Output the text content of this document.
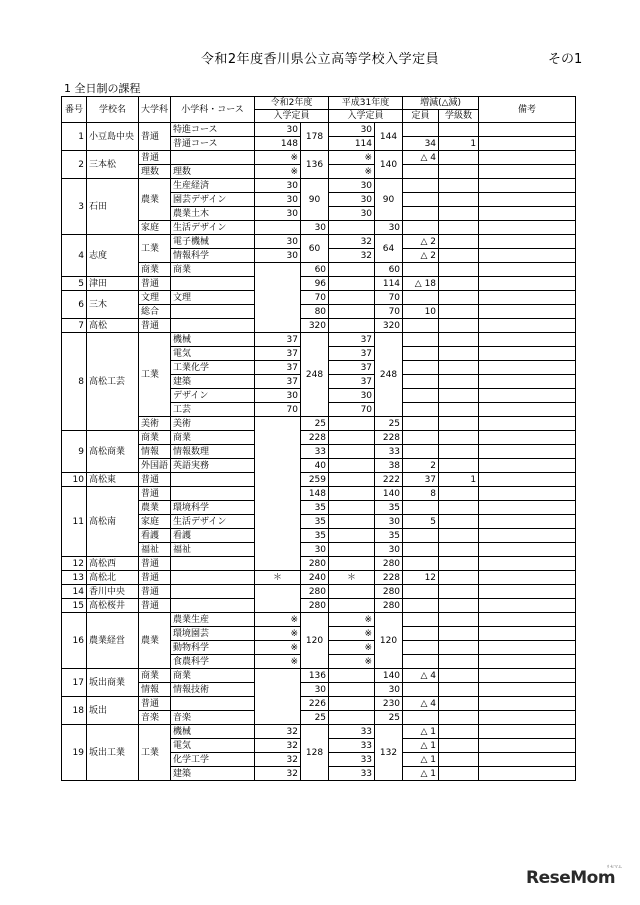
令和2年度香川県公立高等学校入学定員	その1
1 全日制の課程
番号	学校名	大学科	小学科・コース	令和2年度		平成31年度		増減(△減)		備考
				入学定員		入学定員		定員	学級数	
1	小豆島中央	普通	特進コース	30	178	30	144			
			普通コース	148		114		34	1	
2	三本松	普通		※	136	※	140	△ 4		
		理数	理数	※		※				
3	石田	農業	生産経済	30	90	30	90			
			園芸デザイン	30		30				
			農業土木	30		30				
		家庭	生活デザイン		30		30			
4	志度	工業	電子機械	30	60	32	64	△ 2		
			情報科学	30		32		△ 2		
		商業	商業		60		60			
5	津田	普通			96		114	△ 18		
6	三木	文理	文理		70		70			
		総合			80		70	10		
7	高松	普通			320		320			
8	高松工芸	工業	機械	37	248	37	248			
			電気	37		37				
			工業化学	37		37				
			建築	37		37				
			デザイン	30		30				
			工芸	70		70				
		美術	美術		25		25			
9	高松商業	商業	商業		228		228			
		情報	情報数理		33		33			
		外国語	英語実務		40		38	2		
10	高松東	普通			259		222	37	1	
11	高松南	普通			148		140	8		
		農業	環境科学		35		35			
		家庭	生活デザイン		35		30	5		
		看護	看護		35		35			
		福祉	福祉		30		30			
12	高松西	普通			280		280			
13	高松北	普通		＊	240	＊	228	12		
14	香川中央	普通			280		280			
15	高松桜井	普通			280		280			
16	農業経営	農業	農業生産	※	120	※	120			
			環境園芸	※		※				
			動物科学	※		※				
			食農科学	※		※				
17	坂出商業	商業	商業		136		140	△ 4		
		情報	情報技術		30		30			
18	坂出	普通			226		230	△ 4		
		音楽	音楽		25		25			
19	坂出工業	工業	機械	32	128	33	132	△ 1		
			電気	32		33		△ 1		
			化学工学	32		33		△ 1		
			建築	32		33		△ 1		
ReseMom
リセマム
